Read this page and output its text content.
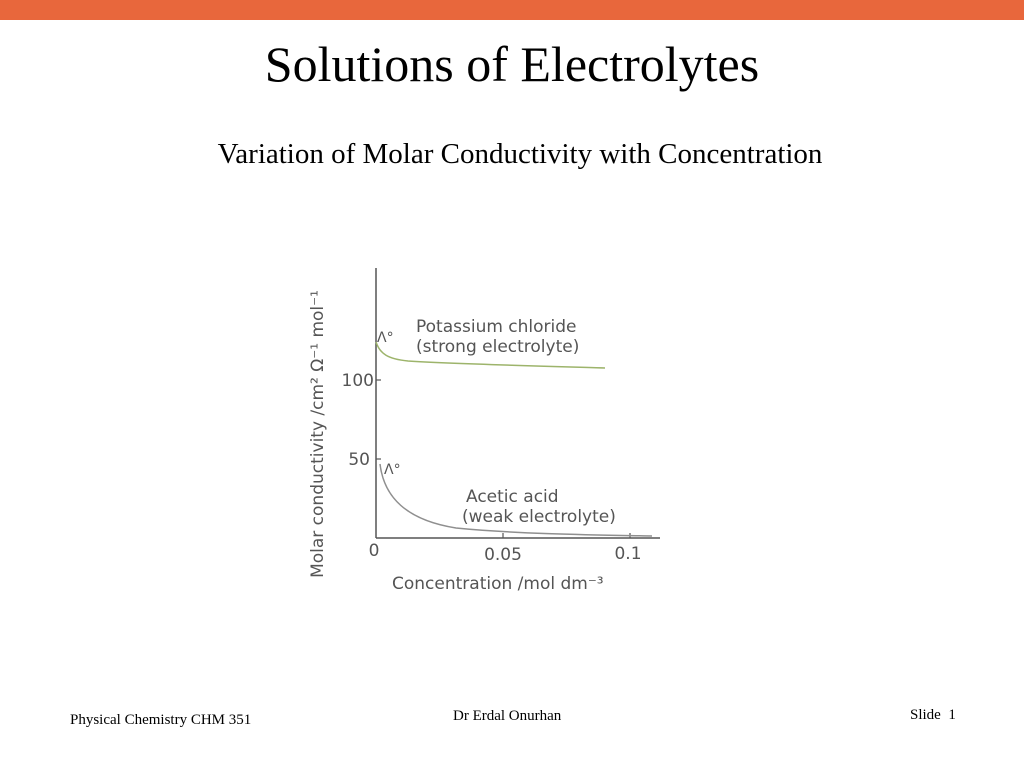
Solutions of Electrolytes
Variation of Molar Conductivity with Concentration
Molar conductivity /cm² Ω⁻¹ mol⁻¹ 50
100
0	0.05	0.1
Concentration /mol dm⁻³
Λ°
Potassium chloride
(strong electrolyte)
Λ°
Acetic acid
(weak electrolyte)
Physical Chemistry CHM 351	Dr Erdal Onurhan	Slide 1
